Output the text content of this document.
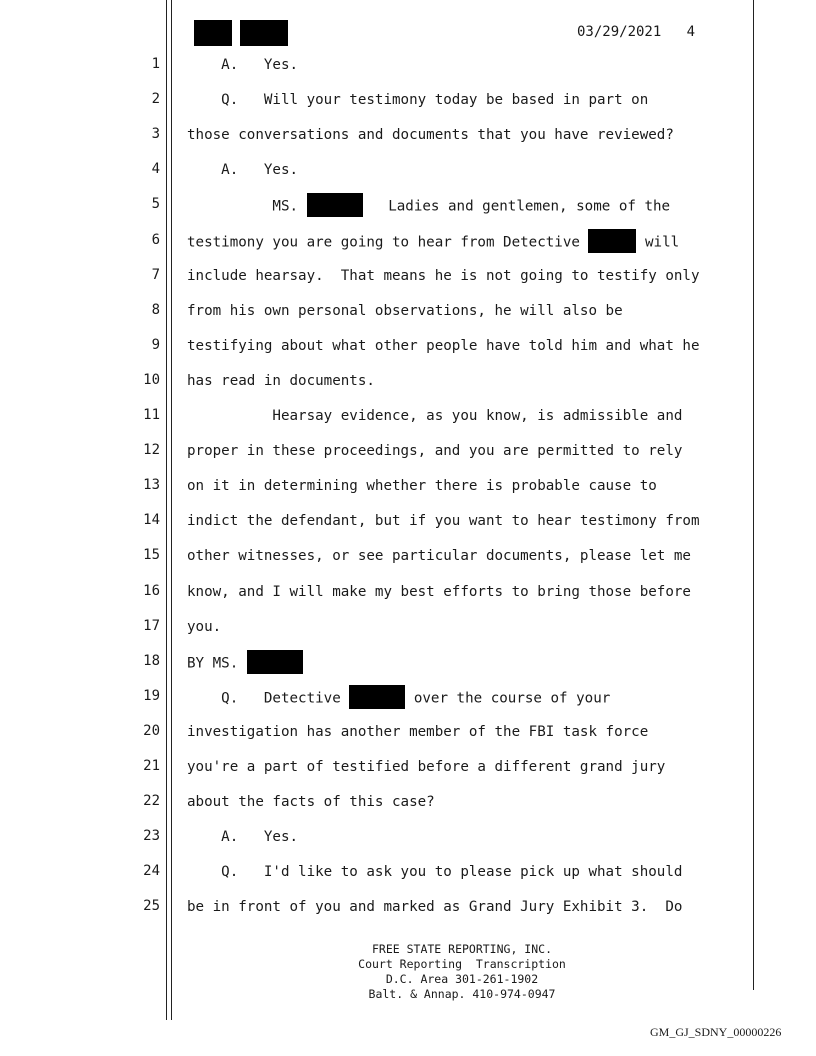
03/29/2021 4
1
2
3
4
5
6
7
8
9
10
11
12
13
14
15
16
17
18
19
20
21
22
23
24
25
A.   Yes.
Q.   Will your testimony today be based in part on
those conversations and documents that you have reviewed?
A.   Yes.
MS.	Ladies and gentlemen, some of the
testimony you are going to hear from Detective	will
include hearsay.  That means he is not going to testify only
from his own personal observations, he will also be
testifying about what other people have told him and what he
has read in documents.
Hearsay evidence, as you know, is admissible and
proper in these proceedings, and you are permitted to rely
on it in determining whether there is probable cause to
indict the defendant, but if you want to hear testimony from
other witnesses, or see particular documents, please let me
know, and I will make my best efforts to bring those before
you.
BY MS.
Q.   Detective	over the course of your
investigation has another member of the FBI task force
you're a part of testified before a different grand jury
about the facts of this case?
A.   Yes.
Q.   I'd like to ask you to please pick up what should
be in front of you and marked as Grand Jury Exhibit 3.  Do
FREE STATE REPORTING, INC.
Court Reporting  Transcription
D.C. Area 301-261-1902
Balt. & Annap. 410-974-0947
GM_GJ_SDNY_00000226
